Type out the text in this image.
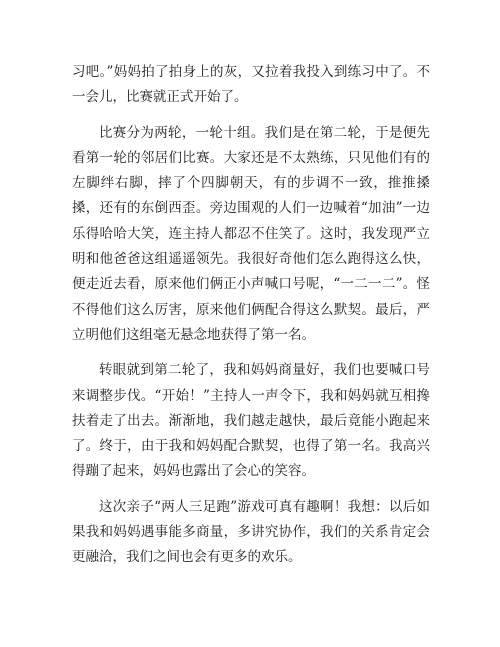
习吧。”妈妈拍了拍身上的灰，又拉着我投入到练习中了。不一会儿，比赛就正式开始了。

比赛分为两轮，一轮十组。我们是在第二轮，于是便先看第一轮的邻居们比赛。大家还是不太熟练，只见他们有的左脚绊右脚，摔了个四脚朝天，有的步调不一致，推推搡搡，还有的东倒西歪。旁边围观的人们一边喊着“加油”一边乐得哈哈大笑，连主持人都忍不住笑了。这时，我发现严立明和他爸爸这组遥遥领先。我很好奇他们怎么跑得这么快，便走近去看，原来他们俩正小声喊口号呢，“一二一二”。怪不得他们这么厉害，原来他们俩配合得这么默契。最后，严立明他们这组毫无悬念地获得了第一名。

转眼就到第二轮了，我和妈妈商量好，我们也要喊口号来调整步伐。“开始！”主持人一声令下，我和妈妈就互相搀扶着走了出去。渐渐地，我们越走越快，最后竟能小跑起来了。终于，由于我和妈妈配合默契，也得了第一名。我高兴得蹦了起来，妈妈也露出了会心的笑容。

这次亲子“两人三足跑”游戏可真有趣啊！我想：以后如果我和妈妈遇事能多商量，多讲究协作，我们的关系肯定会更融洽，我们之间也会有更多的欢乐。
